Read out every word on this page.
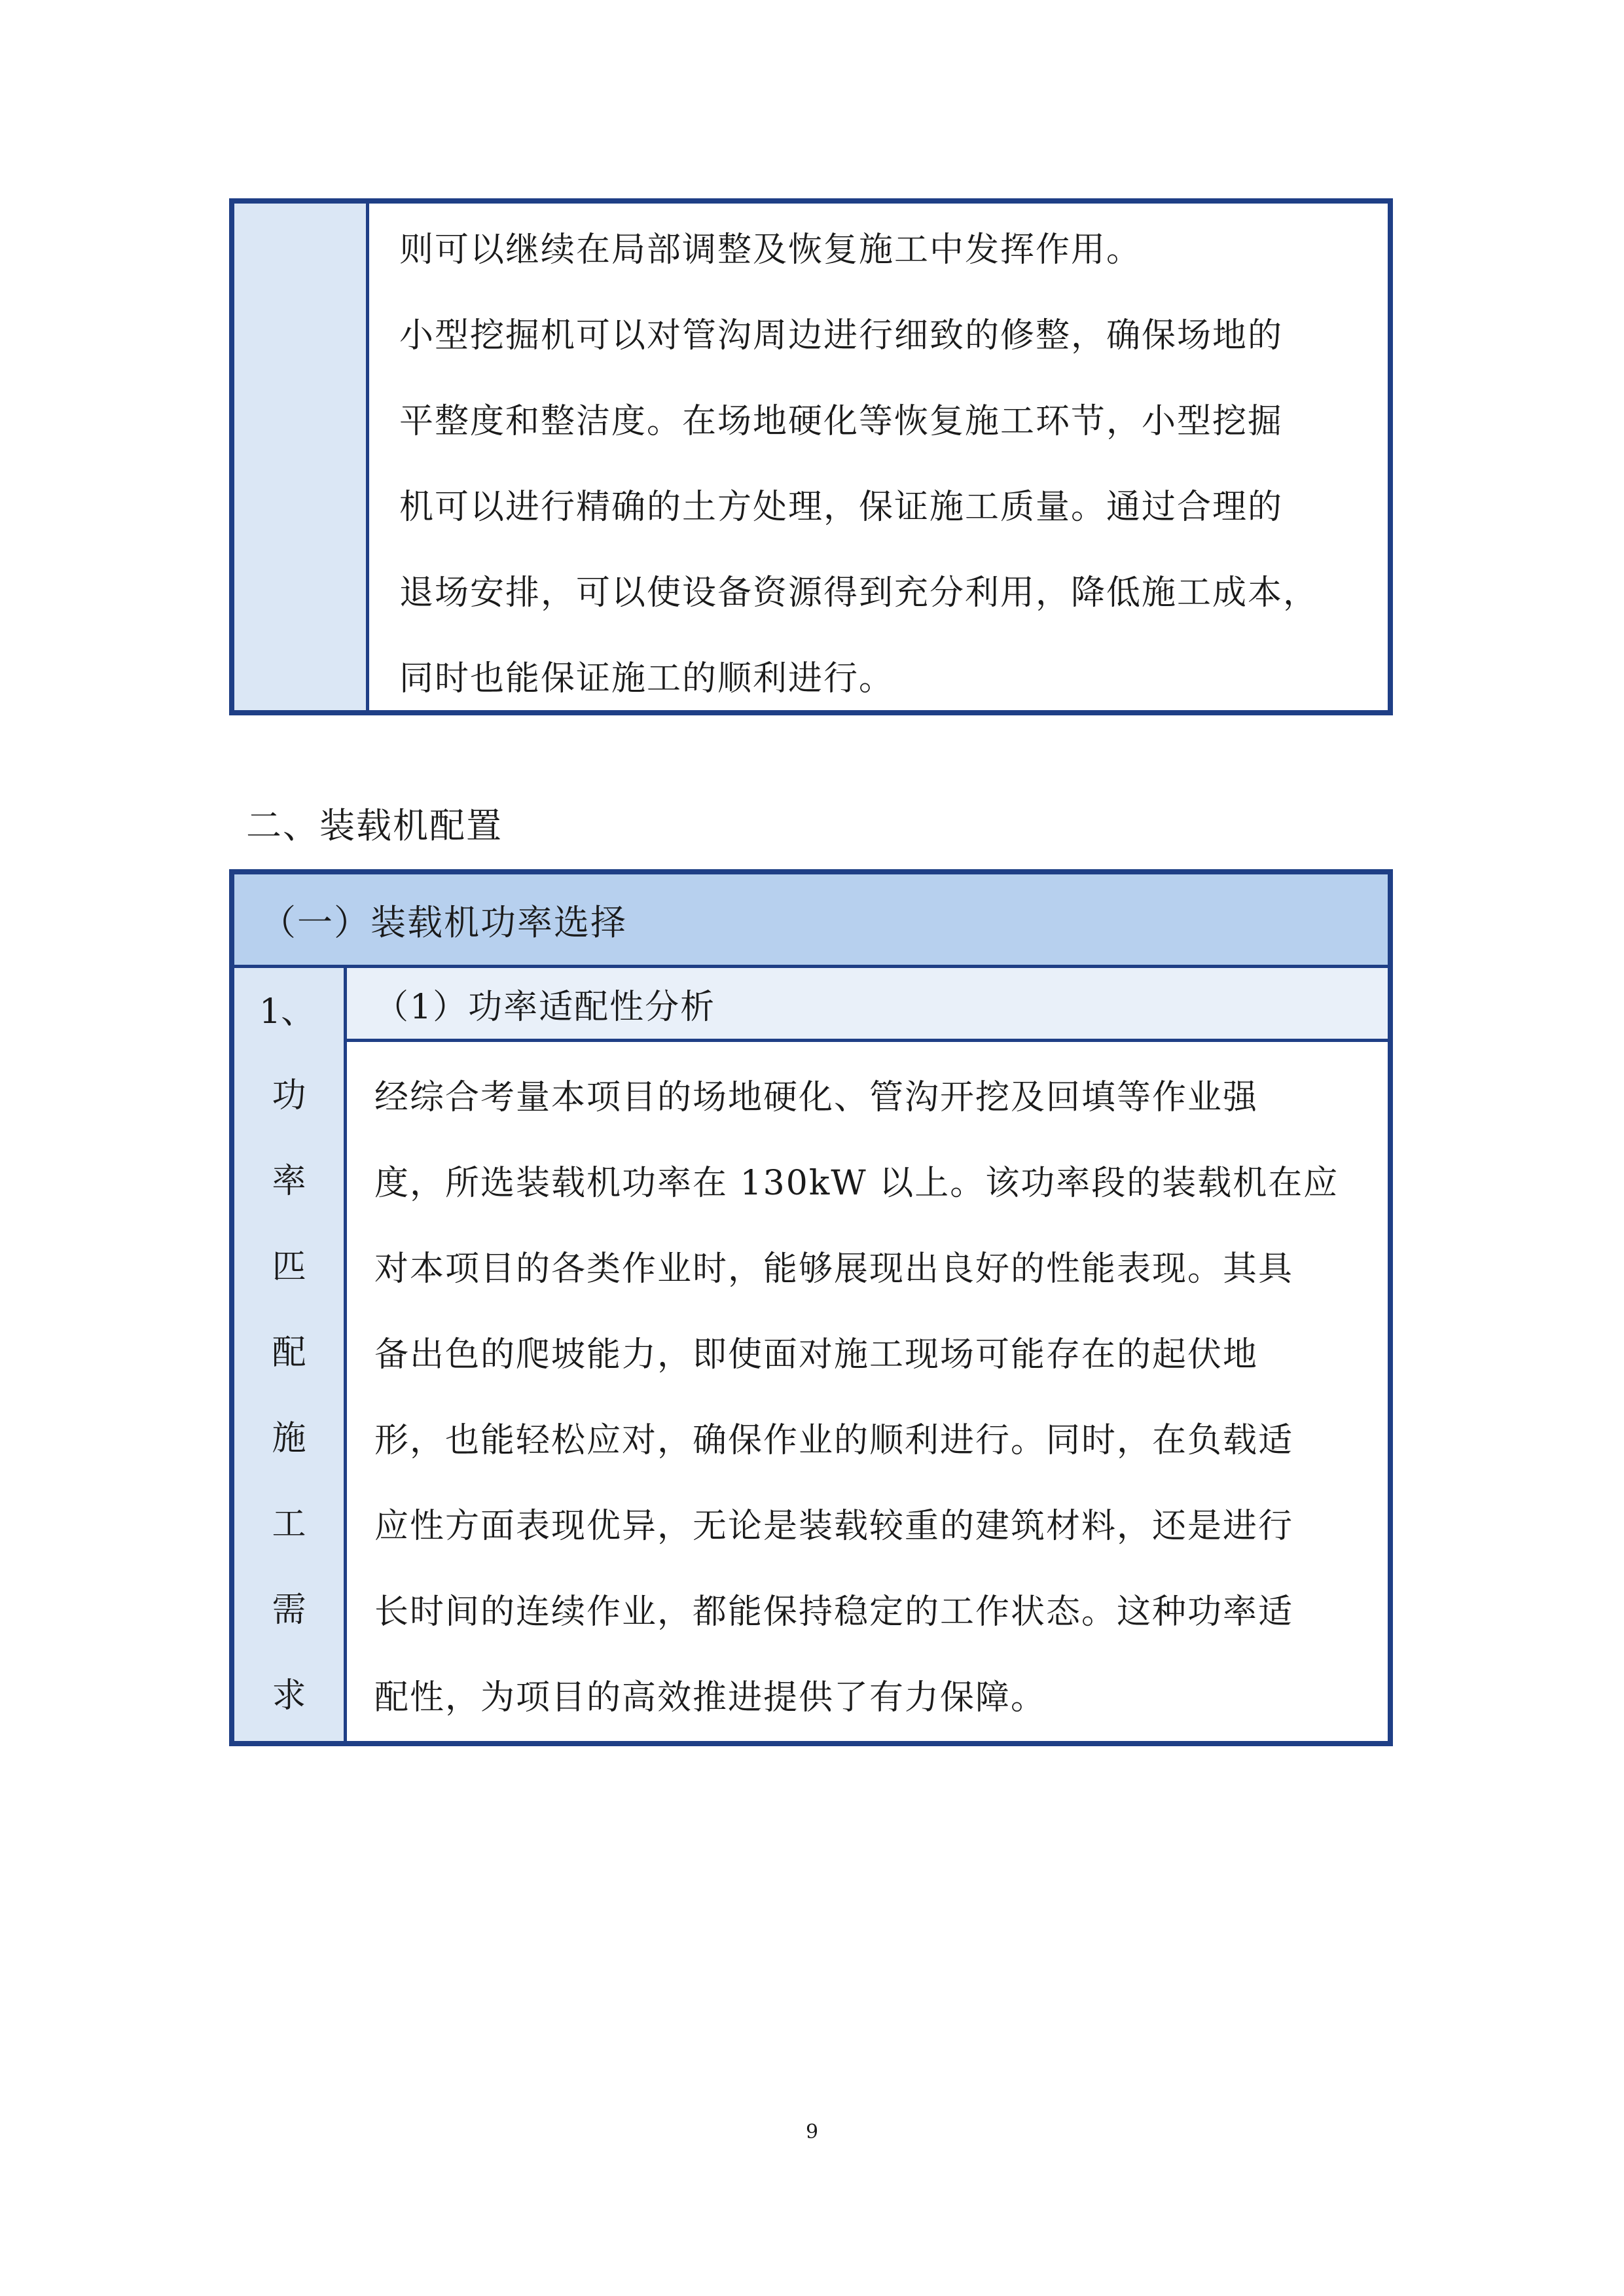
则可以继续在局部调整及恢复施工中发挥作用。

小型挖掘机可以对管沟周边进行细致的修整，确保场地的

平整度和整洁度。在场地硬化等恢复施工环节，小型挖掘

机可以进行精确的土方处理，保证施工质量。通过合理的

退场安排，可以使设备资源得到充分利用，降低施工成本，

同时也能保证施工的顺利进行。

二、装载机配置
（一）装载机功率选择
1、
功
率
匹
配
施
工
需
求
（1）功率适配性分析

经综合考量本项目的场地硬化、管沟开挖及回填等作业强

度，所选装载机功率在 130kW 以上。该功率段的装载机在应

对本项目的各类作业时，能够展现出良好的性能表现。其具

备出色的爬坡能力，即使面对施工现场可能存在的起伏地

形，也能轻松应对，确保作业的顺利进行。同时，在负载适

应性方面表现优异，无论是装载较重的建筑材料，还是进行

长时间的连续作业，都能保持稳定的工作状态。这种功率适

配性，为项目的高效推进提供了有力保障。

9
